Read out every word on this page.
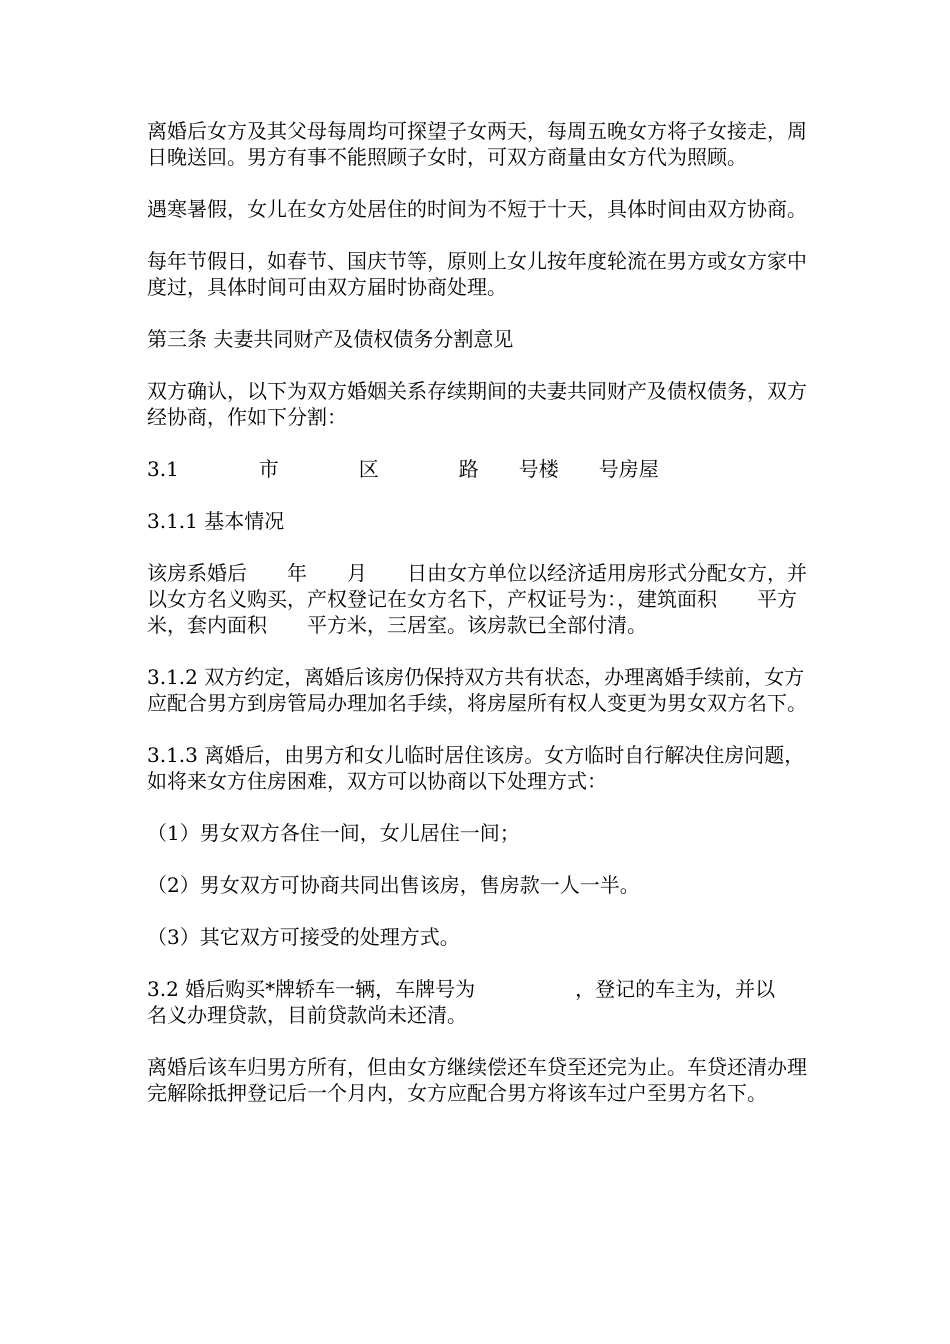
离婚后女方及其父母每周均可探望子女两天，每周五晚女方将子女接走，周日晚送回。男方有事不能照顾子女时，可双方商量由女方代为照顾。

遇寒暑假，女儿在女方处居住的时间为不短于十天，具体时间由双方协商。

每年节假日，如春节、国庆节等，原则上女儿按年度轮流在男方或女方家中度过，具体时间可由双方届时协商处理。

第三条 夫妻共同财产及债权债务分割意见

双方确认，以下为双方婚姻关系存续期间的夫妻共同财产及债权债务，双方经协商，作如下分割：

3.1　　　　市　　　　区　　　　路　　号楼　　号房屋

3.1.1 基本情况

该房系婚后　　年　　月　　日由女方单位以经济适用房形式分配女方，并以女方名义购买，产权登记在女方名下，产权证号为：，建筑面积　　平方米，套内面积　　平方米，三居室。该房款已全部付清。

3.1.2 双方约定，离婚后该房仍保持双方共有状态，办理离婚手续前，女方应配合男方到房管局办理加名手续，将房屋所有权人变更为男女双方名下。

3.1.3 离婚后，由男方和女儿临时居住该房。女方临时自行解决住房问题，如将来女方住房困难，双方可以协商以下处理方式：

（1）男女双方各住一间，女儿居住一间；

（2）男女双方可协商共同出售该房，售房款一人一半。

（3）其它双方可接受的处理方式。

3.2 婚后购买*牌轿车一辆，车牌号为　　　　　，登记的车主为，并以　　　　名义办理贷款，目前贷款尚未还清。

离婚后该车归男方所有，但由女方继续偿还车贷至还完为止。车贷还清办理完解除抵押登记后一个月内，女方应配合男方将该车过户至男方名下。
